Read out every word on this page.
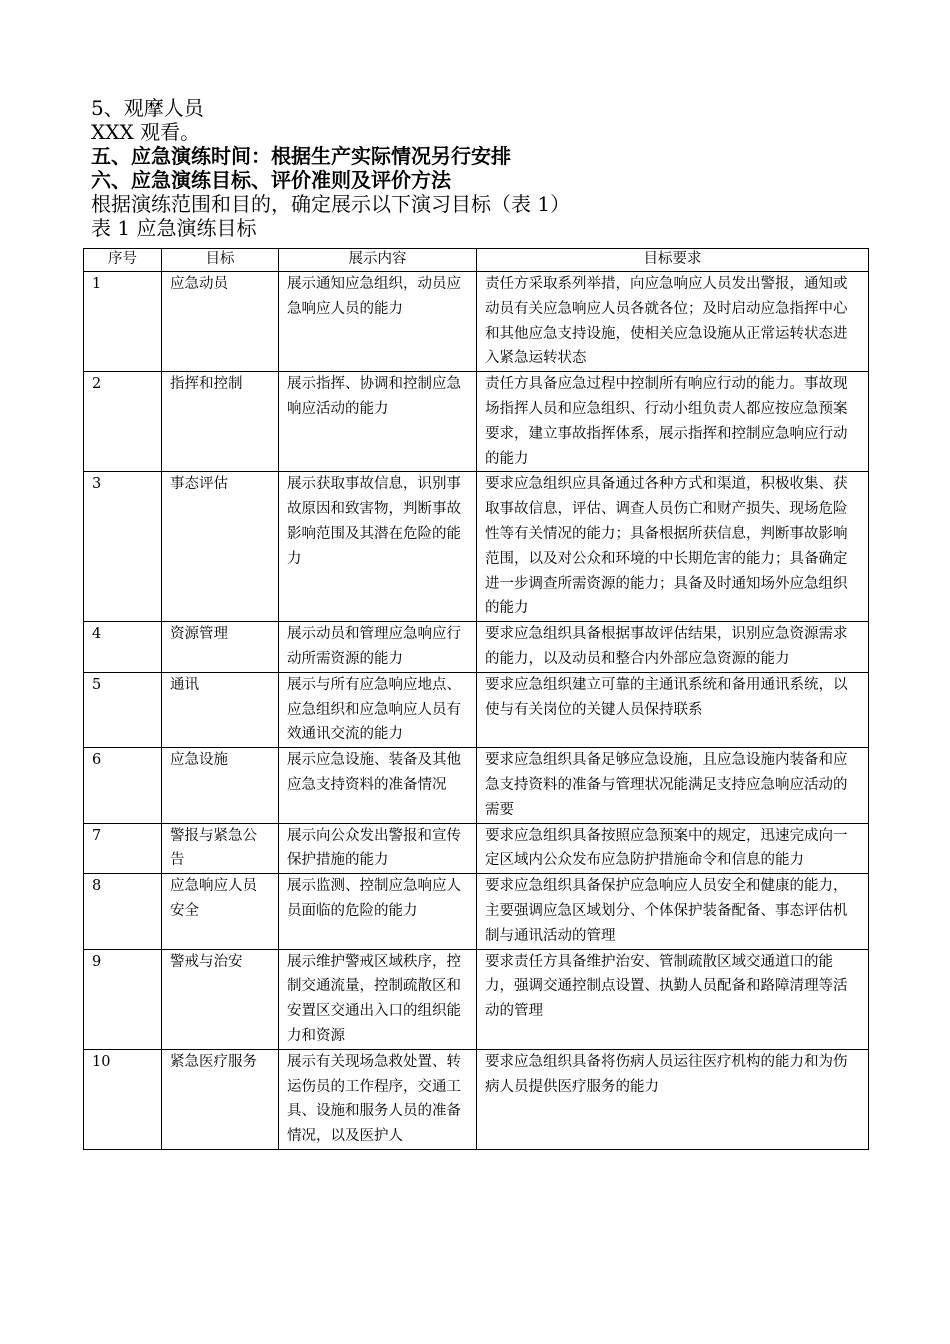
5、观摩人员
XXX 观看。
五、应急演练时间：根据生产实际情况另行安排
六、应急演练目标、评价准则及评价方法
根据演练范围和目的，确定展示以下演习目标（表 1）
表 1 应急演练目标
序号	目标	展示内容	目标要求
1	应急动员	展示通知应急组织，动员应急响应人员的能力	责任方采取系列举措，向应急响应人员发出警报，通知或动员有关应急响应人员各就各位；及时启动应急指挥中心和其他应急支持设施，使相关应急设施从正常运转状态进入紧急运转状态
2	指挥和控制	展示指挥、协调和控制应急响应活动的能力	责任方具备应急过程中控制所有响应行动的能力。事故现场指挥人员和应急组织、行动小组负责人都应按应急预案要求，建立事故指挥体系，展示指挥和控制应急响应行动的能力
3	事态评估	展示获取事故信息，识别事故原因和致害物，判断事故影响范围及其潜在危险的能力	要求应急组织应具备通过各种方式和渠道，积极收集、获取事故信息，评估、调查人员伤亡和财产损失、现场危险性等有关情况的能力；具备根据所获信息，判断事故影响范围，以及对公众和环境的中长期危害的能力；具备确定进一步调查所需资源的能力；具备及时通知场外应急组织的能力
4	资源管理	展示动员和管理应急响应行动所需资源的能力	要求应急组织具备根据事故评估结果，识别应急资源需求的能力，以及动员和整合内外部应急资源的能力
5	通讯	展示与所有应急响应地点、应急组织和应急响应人员有效通讯交流的能力	要求应急组织建立可靠的主通讯系统和备用通讯系统，以使与有关岗位的关键人员保持联系
6	应急设施	展示应急设施、装备及其他应急支持资料的准备情况	要求应急组织具备足够应急设施，且应急设施内装备和应急支持资料的准备与管理状况能满足支持应急响应活动的需要
7	警报与紧急公告	展示向公众发出警报和宣传保护措施的能力	要求应急组织具备按照应急预案中的规定，迅速完成向一定区域内公众发布应急防护措施命令和信息的能力
8	应急响应人员安全	展示监测、控制应急响应人员面临的危险的能力	要求应急组织具备保护应急响应人员安全和健康的能力，主要强调应急区域划分、个体保护装备配备、事态评估机制与通讯活动的管理
9	警戒与治安	展示维护警戒区域秩序，控制交通流量，控制疏散区和安置区交通出入口的组织能力和资源	要求责任方具备维护治安、管制疏散区域交通道口的能力，强调交通控制点设置、执勤人员配备和路障清理等活动的管理
10	紧急医疗服务	展示有关现场急救处置、转运伤员的工作程序，交通工具、设施和服务人员的准备情况，以及医护人	要求应急组织具备将伤病人员运往医疗机构的能力和为伤病人员提供医疗服务的能力
